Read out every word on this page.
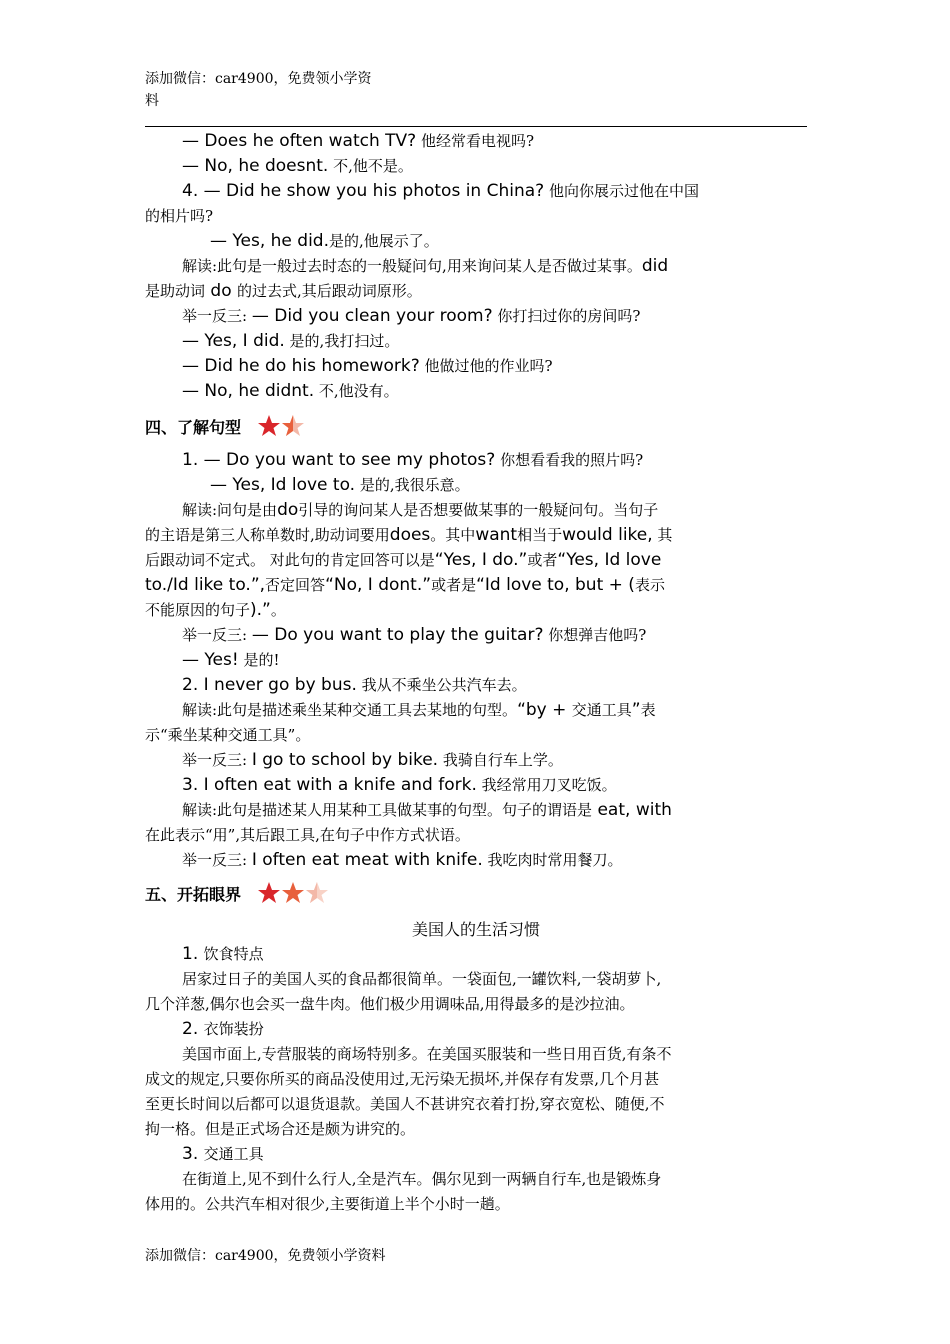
添加微信：car4900，免费领小学资
料

— Does he often watch TV? 他经常看电视吗?

— No, he doesnt. 不,他不是。

4. — Did he show you his photos in China? 他向你展示过他在中国

的相片吗?

— Yes, he did.是的,他展示了。

解读:此句是一般过去时态的一般疑问句,用来询问某人是否做过某事。did

是助动词 do 的过去式,其后跟动词原形。

举一反三: — Did you clean your room? 你打扫过你的房间吗?

— Yes, I did. 是的,我打扫过。

— Did he do his homework? 他做过他的作业吗?

— No, he didnt. 不,他没有。

四、了解句型

1. — Do you want to see my photos? 你想看看我的照片吗?

— Yes, Id love to. 是的,我很乐意。

解读:问句是由do引导的询问某人是否想要做某事的一般疑问句。当句子

的主语是第三人称单数时,助动词要用does。其中want相当于would like, 其

后跟动词不定式。 对此句的肯定回答可以是“Yes, I do.”或者“Yes, Id love

to./Id like to.”,否定回答“No, I dont.”或者是“Id love to, but + (表示

不能原因的句子).”。

举一反三: — Do you want to play the guitar? 你想弹吉他吗?

— Yes! 是的!

2. I never go by bus. 我从不乘坐公共汽车去。

解读:此句是描述乘坐某种交通工具去某地的句型。“by + 交通工具”表

示“乘坐某种交通工具”。

举一反三: I go to school by bike. 我骑自行车上学。

3. I often eat with a knife and fork. 我经常用刀叉吃饭。

解读:此句是描述某人用某种工具做某事的句型。句子的谓语是 eat, with

在此表示“用”,其后跟工具,在句子中作方式状语。

举一反三: I often eat meat with knife. 我吃肉时常用餐刀。

五、开拓眼界

美国人的生活习惯

1. 饮食特点

居家过日子的美国人买的食品都很简单。一袋面包,一罐饮料,一袋胡萝卜,

几个洋葱,偶尔也会买一盘牛肉。他们极少用调味品,用得最多的是沙拉油。

2. 衣饰装扮

美国市面上,专营服装的商场特别多。在美国买服装和一些日用百货,有条不

成文的规定,只要你所买的商品没使用过,无污染无损坏,并保存有发票,几个月甚

至更长时间以后都可以退货退款。美国人不甚讲究衣着打扮,穿衣宽松、随便,不

拘一格。但是正式场合还是颇为讲究的。

3. 交通工具

在街道上,见不到什么行人,全是汽车。偶尔见到一两辆自行车,也是锻炼身

体用的。公共汽车相对很少,主要街道上半个小时一趟。

添加微信：car4900，免费领小学资料
